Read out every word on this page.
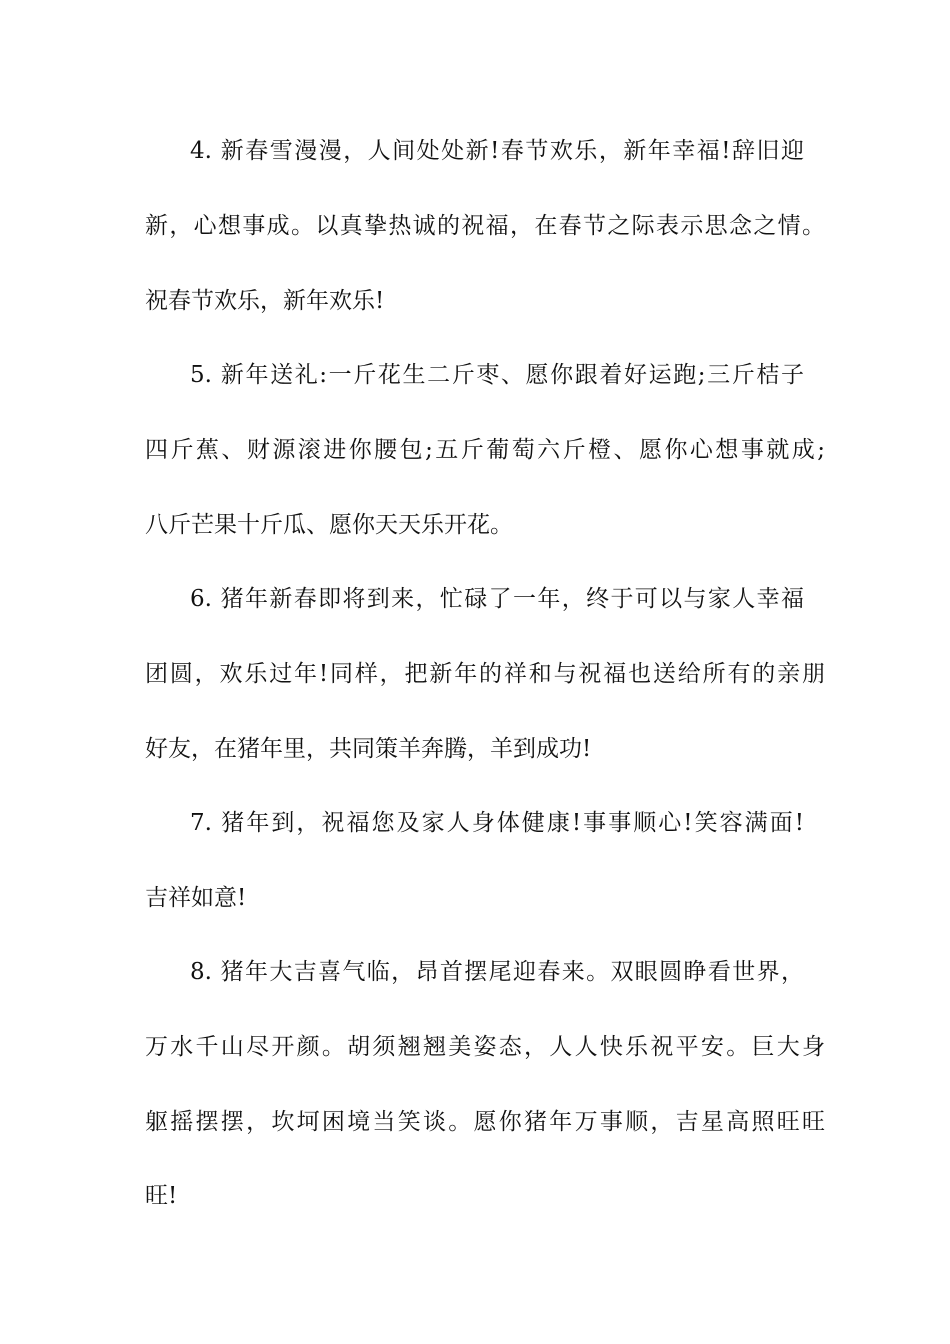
4. 新春雪漫漫，人间处处新!春节欢乐，新年幸福!辞旧迎
新，心想事成。以真挚热诚的祝福，在春节之际表示思念之情。
祝春节欢乐，新年欢乐!
5. 新年送礼:一斤花生二斤枣、愿你跟着好运跑;三斤桔子
四斤蕉、财源滚进你腰包;五斤葡萄六斤橙、愿你心想事就成;
八斤芒果十斤瓜、愿你天天乐开花。
6. 猪年新春即将到来，忙碌了一年，终于可以与家人幸福
团圆，欢乐过年!同样，把新年的祥和与祝福也送给所有的亲朋
好友，在猪年里，共同策羊奔腾，羊到成功!
7. 猪年到，祝福您及家人身体健康!事事顺心!笑容满面!
吉祥如意!
8. 猪年大吉喜气临，昂首摆尾迎春来。双眼圆睁看世界，
万水千山尽开颜。胡须翘翘美姿态，人人快乐祝平安。巨大身
躯摇摆摆，坎坷困境当笑谈。愿你猪年万事顺，吉星高照旺旺
旺!
